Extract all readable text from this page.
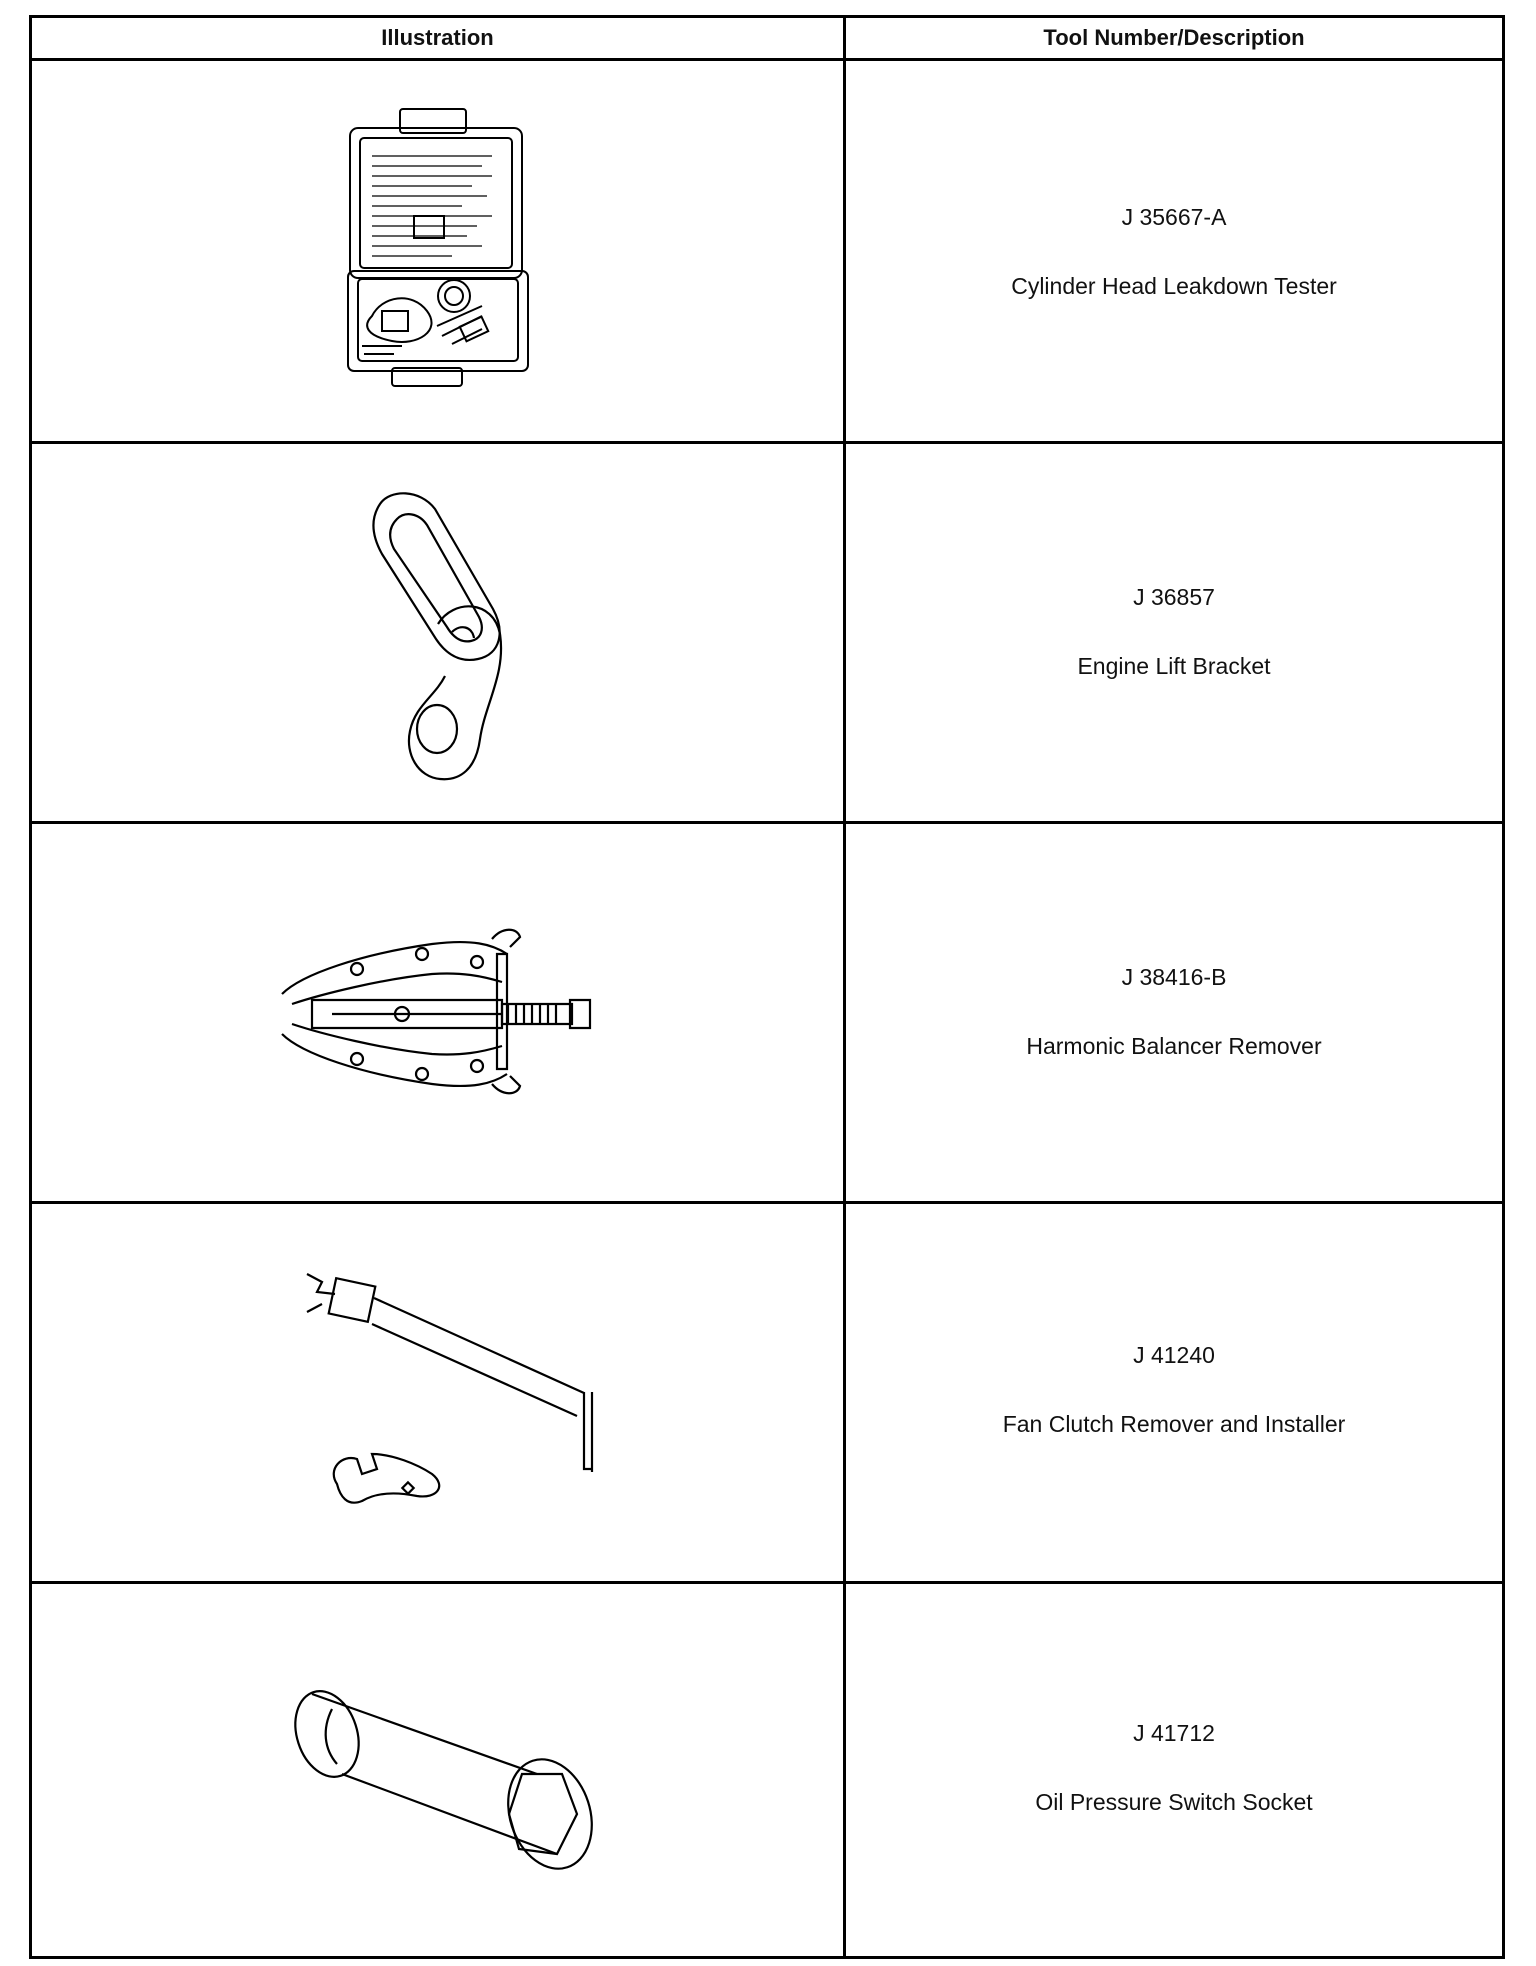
Illustration	Tool Number/Description
J 35667-A
Cylinder Head Leakdown Tester
J 36857
Engine Lift Bracket
J 38416-B
Harmonic Balancer Remover
J 41240
Fan Clutch Remover and Installer
J 41712
Oil Pressure Switch Socket
